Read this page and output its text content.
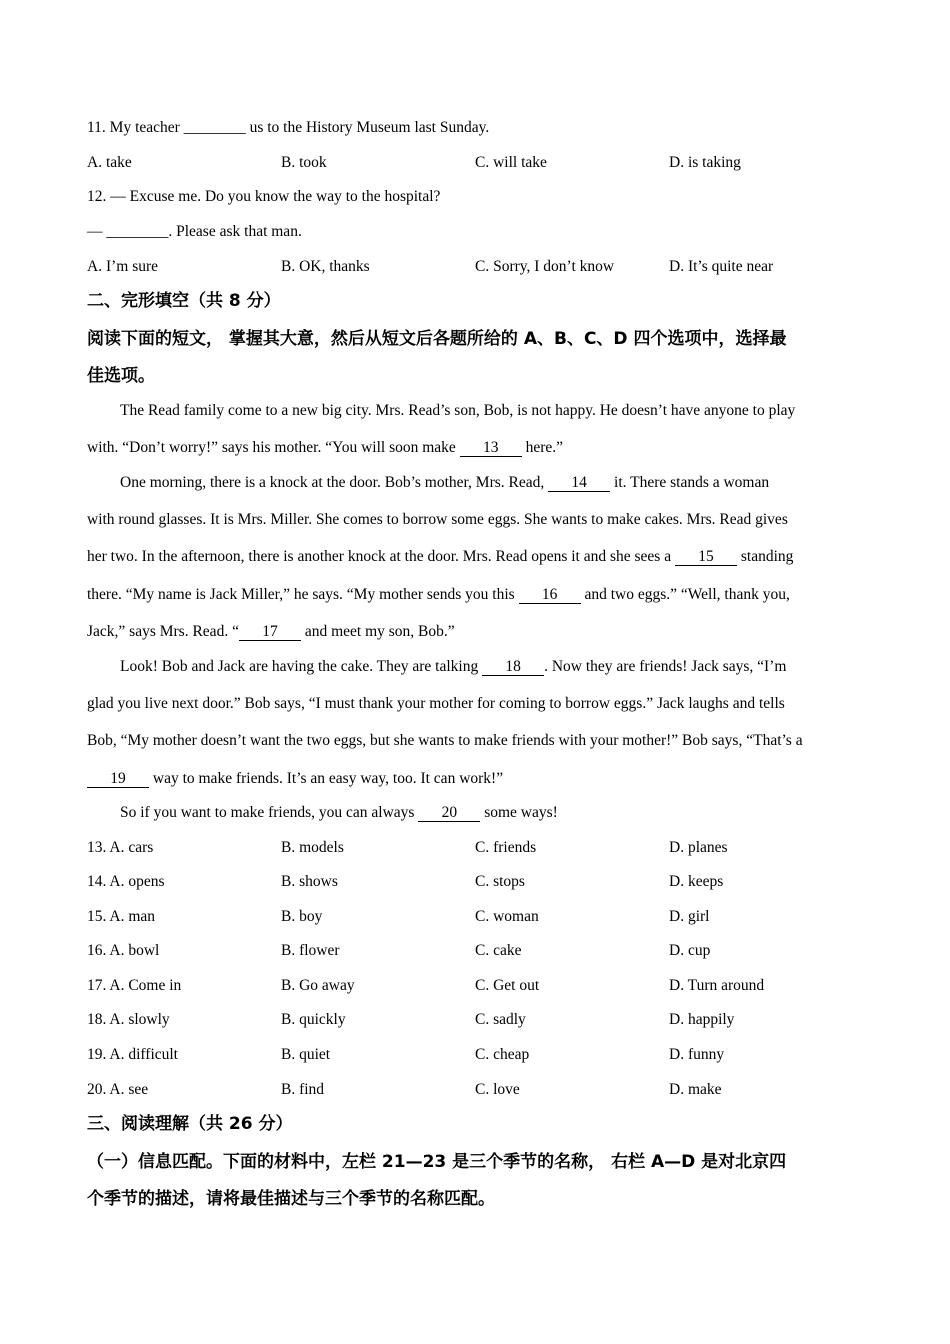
11. My teacher ________ us to the History Museum last Sunday.
A. take	B. took	C. will take	D. is taking
12. — Excuse me. Do you know the way to the hospital?
— ________. Please ask that man.
A. I’m sure	B. OK, thanks	C. Sorry, I don’t know	D. It’s quite near
二、完形填空（共 8 分）
阅读下面的短文， 掌握其大意，然后从短文后各题所给的 A、B、C、D 四个选项中，选择最
佳选项。
The Read family come to a new big city. Mrs. Read’s son, Bob, is not happy. He doesn’t have anyone to play
with. “Don’t worry!” says his mother. “You will soon make 13 here.”
One morning, there is a knock at the door. Bob’s mother, Mrs. Read, 14 it. There stands a woman
with round glasses. It is Mrs. Miller. She comes to borrow some eggs. She wants to make cakes. Mrs. Read gives
her two. In the afternoon, there is another knock at the door. Mrs. Read opens it and she sees a 15 standing
there. “My name is Jack Miller,” he says. “My mother sends you this 16 and two eggs.” “Well, thank you,
Jack,” says Mrs. Read. “ 17 and meet my son, Bob.”
Look! Bob and Jack are having the cake. They are talking 18 . Now they are friends! Jack says, “I’m
glad you live next door.” Bob says, “I must thank your mother for coming to borrow eggs.” Jack laughs and tells
Bob, “My mother doesn’t want the two eggs, but she wants to make friends with your mother!” Bob says, “That’s a
19 way to make friends. It’s an easy way, too. It can work!”
So if you want to make friends, you can always 20 some ways!
13. A. cars	B. models	C. friends	D. planes
14. A. opens	B. shows	C. stops	D. keeps
15. A. man	B. boy	C. woman	D. girl
16. A. bowl	B. flower	C. cake	D. cup
17. A. Come in	B. Go away	C. Get out	D. Turn around
18. A. slowly	B. quickly	C. sadly	D. happily
19. A. difficult	B. quiet	C. cheap	D. funny
20. A. see	B. find	C. love	D. make
三、阅读理解（共 26 分）
（一）信息匹配。下面的材料中，左栏 21—23 是三个季节的名称， 右栏 A—D 是对北京四
个季节的描述，请将最佳描述与三个季节的名称匹配。
